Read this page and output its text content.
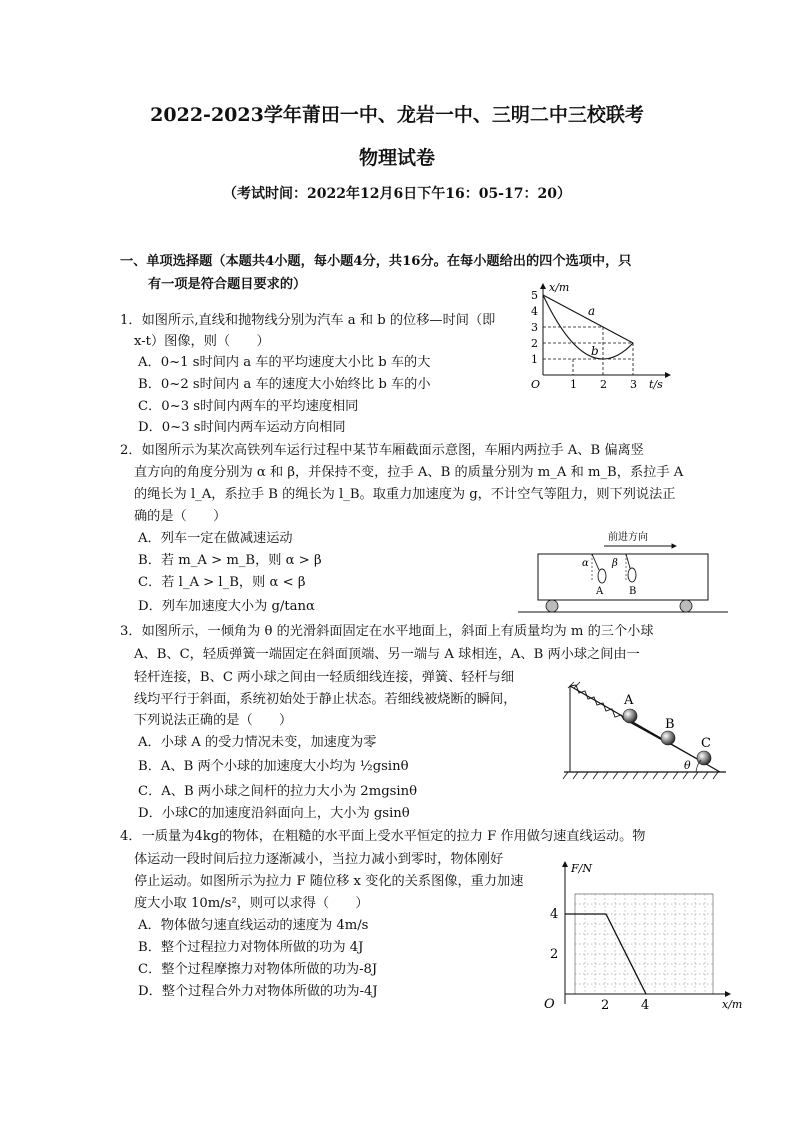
2022-2023学年莆田一中、龙岩一中、三明二中三校联考
物理试卷
（考试时间：2022年12月6日下午16：05-17：20）
一、单项选择题（本题共4小题，每小题4分，共16分。在每小题给出的四个选项中，只
有一项是符合题目要求的）
1．如图所示,直线和抛物线分别为汽车 a 和 b 的位移—时间（即
x-t）图像，则（　　）
A．0~1 s时间内 a 车的平均速度大小比 b 车的大
B．0~2 s时间内 a 车的速度大小始终比 b 车的小
C．0~3 s时间内两车的平均速度相同
D．0~3 s时间内两车运动方向相同
x/m
t/s
O
1
2
3
4
5
1 2 3
a
b
2．如图所示为某次高铁列车运行过程中某节车厢截面示意图，车厢内两拉手 A、B 偏离竖
直方向的角度分别为 α 和 β，并保持不变，拉手 A、B 的质量分别为 m_A 和 m_B，系拉手 A
的绳长为 l_A，系拉手 B 的绳长为 l_B。取重力加速度为 g，不计空气等阻力，则下列说法正
确的是（　　）
A．列车一定在做减速运动
B．若 m_A > m_B，则 α > β
C．若 l_A > l_B，则 α < β
D．列车加速度大小为 g/tanα
前进方向
α
A
β
B
3．如图所示，一倾角为 θ 的光滑斜面固定在水平地面上，斜面上有质量均为 m 的三个小球
A、B、C，轻质弹簧一端固定在斜面顶端、另一端与 A 球相连，A、B 两小球之间由一
轻杆连接，B、C 两小球之间由一轻质细线连接，弹簧、轻杆与细
线均平行于斜面，系统初始处于静止状态。若细线被烧断的瞬间，
下列说法正确的是（　　）
A．小球 A 的受力情况未变，加速度为零
B．A、B 两个小球的加速度大小均为 ½gsinθ
C．A、B 两小球之间杆的拉力大小为 2mgsinθ
D．小球C的加速度沿斜面向上，大小为 gsinθ
A
B
C
θ
4．一质量为4kg的物体，在粗糙的水平面上受水平恒定的拉力 F 作用做匀速直线运动。物
体运动一段时间后拉力逐渐减小，当拉力减小到零时，物体刚好
停止运动。如图所示为拉力 F 随位移 x 变化的关系图像，重力加速
度大小取 10m/s²，则可以求得（　　）
A．物体做匀速直线运动的速度为 4m/s
B．整个过程拉力对物体所做的功为 4J
C．整个过程摩擦力对物体所做的功为-8J
D．整个过程合外力对物体所做的功为-4J
F/N
x/m
O
4
2
2 4
